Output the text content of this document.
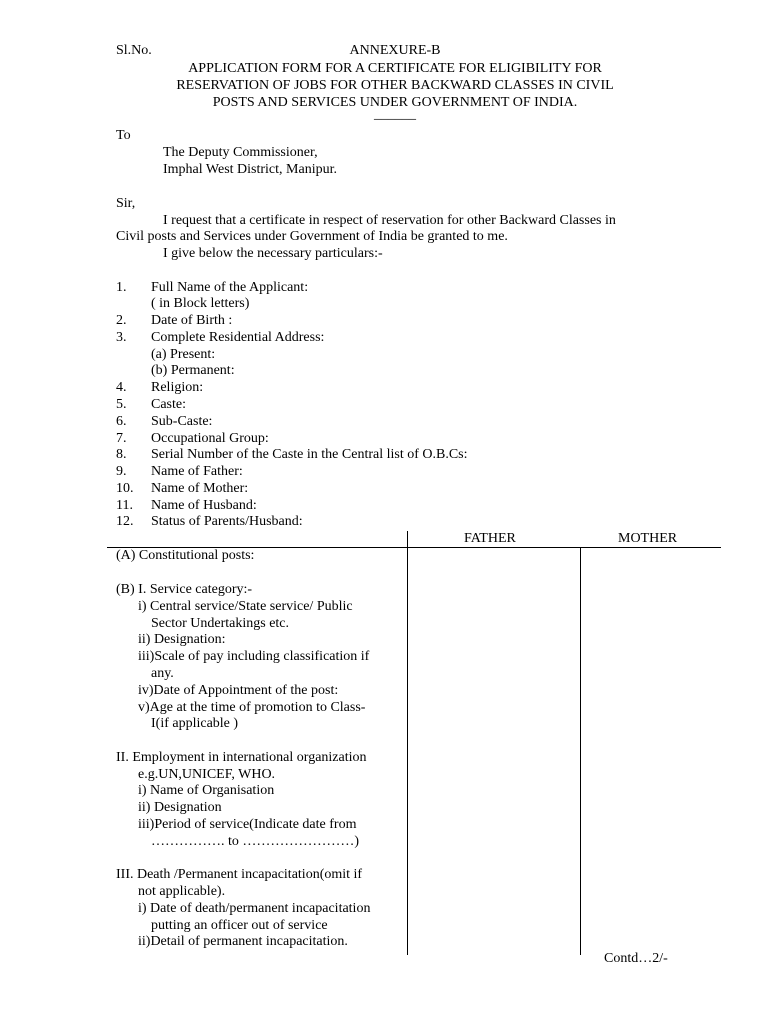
Sl.No.	ANNEXURE-B
APPLICATION FORM FOR A CERTIFICATE FOR ELIGIBILITY FOR
RESERVATION OF JOBS FOR OTHER BACKWARD CLASSES IN CIVIL
POSTS AND SERVICES UNDER GOVERNMENT OF INDIA.
______
To
The Deputy Commissioner,
Imphal West District, Manipur.
Sir,
I request that a certificate in respect of reservation for other Backward Classes in
Civil posts and Services under Government of India be granted to me.
I give below the necessary particulars:-
1. Full Name of the Applicant:
( in Block letters)
2. Date of Birth :
3. Complete Residential Address:
(a) Present:
(b) Permanent:
4. Religion:
5. Caste:
6. Sub-Caste:
7. Occupational Group:
8. Serial Number of the Caste in the Central list of O.B.Cs:
9. Name of Father:
10. Name of Mother:
11. Name of Husband:
12. Status of Parents/Husband:
FATHER	MOTHER
(A) Constitutional posts:
(B) I. Service category:-
i) Central service/State service/ Public
Sector Undertakings etc.
ii) Designation:
iii)Scale of pay including classification if
any.
iv)Date of Appointment of the post:
v)Age at the time of promotion to Class-
I(if applicable )
II. Employment in international organization
e.g.UN,UNICEF, WHO.
i) Name of Organisation
ii) Designation
iii)Period of service(Indicate date from
……………. to ……………………)
III. Death /Permanent incapacitation(omit if
not applicable).
i) Date of death/permanent incapacitation
putting an officer out of service
ii)Detail of permanent incapacitation.
Contd…2/-
